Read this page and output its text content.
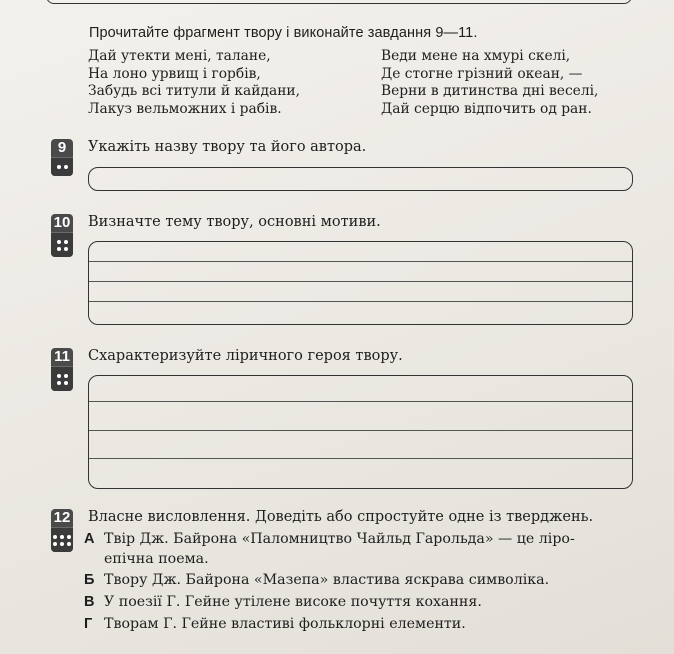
Прочитайте фрагмент твору і виконайте завдання 9—11.
Дай утекти мені, талане,
На лоно урвищ і горбів,
Забудь всі титули й кайдани,
Лакуз вельможних і рабів.
Веди мене на хмурі скелі,
Де стогне грізний океан, —
Верни в дитинства дні веселі,
Дай серцю відпочить од ран.
9	Укажіть назву твору та його автора.
10 Визначте тему твору, основні мотиви.
11 Схарактеризуйте ліричного героя твору.
12 Власне висловлення. Доведіть або спростуйте одне із тверджень.
А Твір Дж. Байрона «Паломництво Чайльд Гарольда» — це ліро-
епічна поема.
Б Твору Дж. Байрона «Мазепа» властива яскрава символіка.
В У поезії Г. Гейне утілене високе почуття кохання.
Г Творам Г. Гейне властиві фольклорні елементи.
